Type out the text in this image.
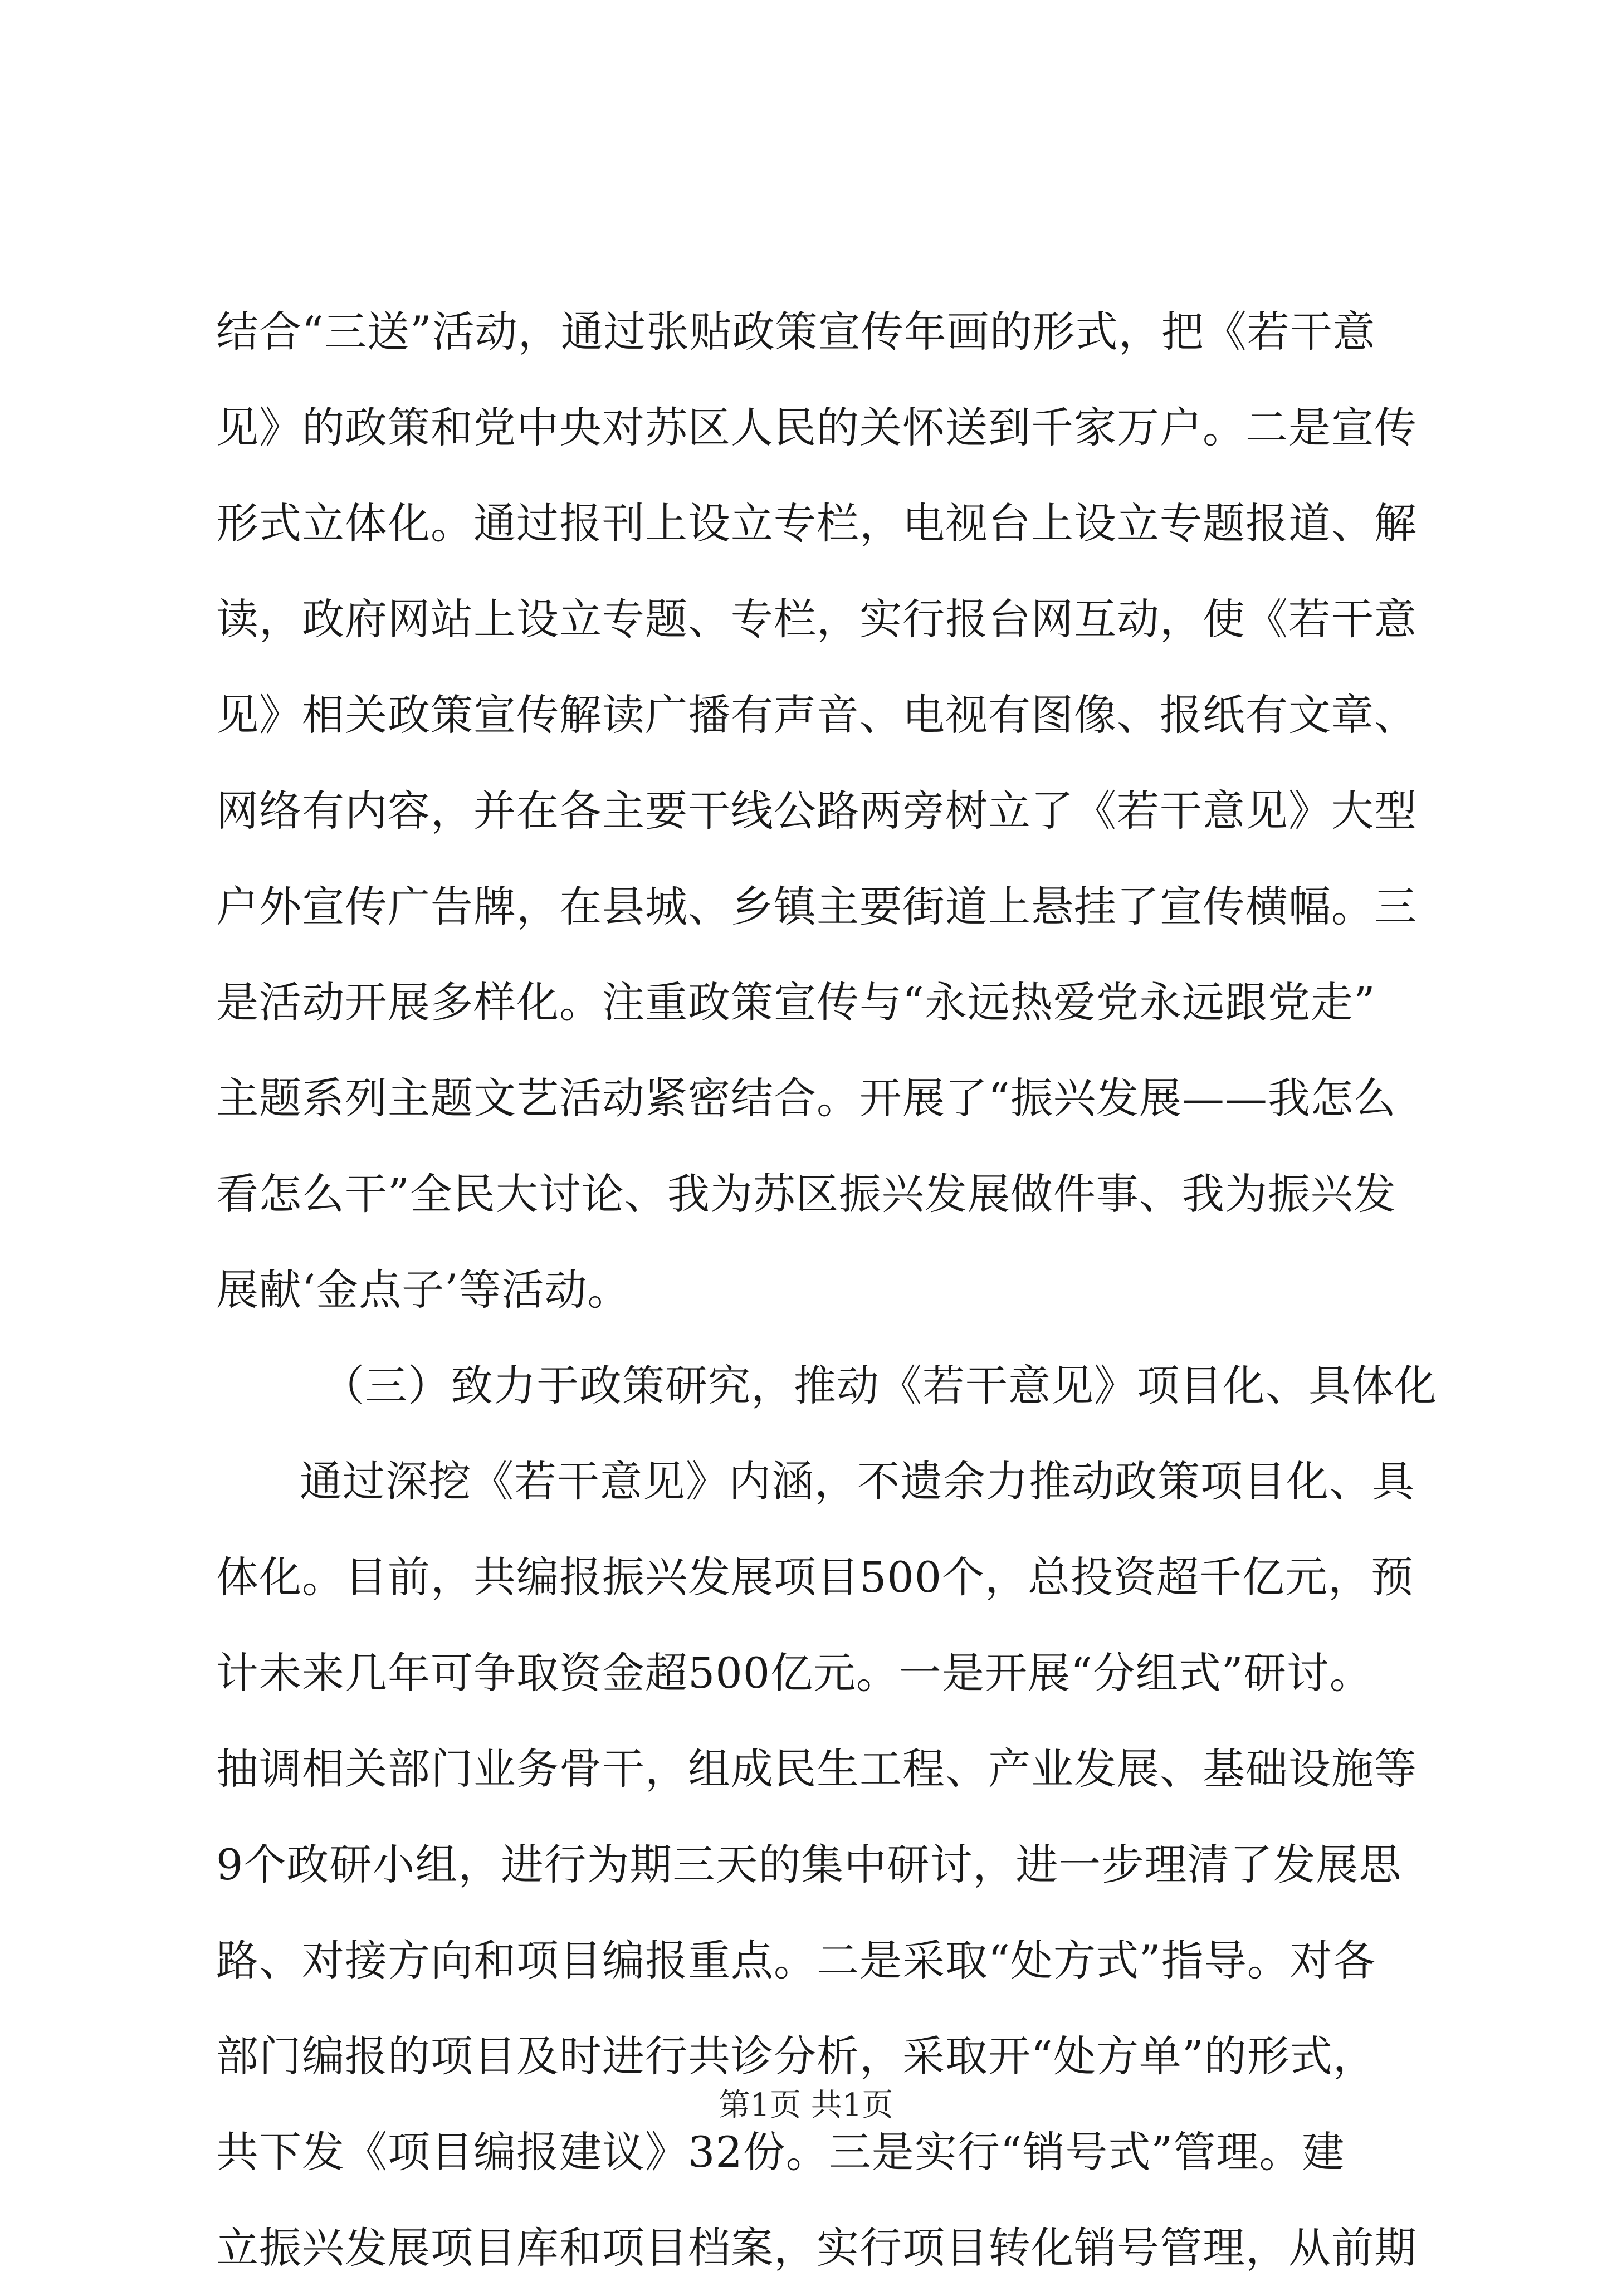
结合“三送”活动，通过张贴政策宣传年画的形式，把《若干意
见》的政策和党中央对苏区人民的关怀送到千家万户。二是宣传
形式立体化。通过报刊上设立专栏，电视台上设立专题报道、解
读，政府网站上设立专题、专栏，实行报台网互动，使《若干意
见》相关政策宣传解读广播有声音、电视有图像、报纸有文章、
网络有内容，并在各主要干线公路两旁树立了《若干意见》大型
户外宣传广告牌，在县城、乡镇主要街道上悬挂了宣传横幅。三
是活动开展多样化。注重政策宣传与“永远热爱党永远跟党走”
主题系列主题文艺活动紧密结合。开展了“振兴发展——我怎么
看怎么干”全民大讨论、我为苏区振兴发展做件事、我为振兴发
展献‘金点子’等活动。
（三）致力于政策研究，推动《若干意见》项目化、具体化
通过深挖《若干意见》内涵，不遗余力推动政策项目化、具
体化。目前，共编报振兴发展项目500个，总投资超千亿元，预
计未来几年可争取资金超500亿元。一是开展“分组式”研讨。
抽调相关部门业务骨干，组成民生工程、产业发展、基础设施等
9个政研小组，进行为期三天的集中研讨，进一步理清了发展思
路、对接方向和项目编报重点。二是采取“处方式”指导。对各
部门编报的项目及时进行共诊分析，采取开“处方单”的形式，
共下发《项目编报建议》32份。三是实行“销号式”管理。建
立振兴发展项目库和项目档案，实行项目转化销号管理，从前期
第1页 共1页
